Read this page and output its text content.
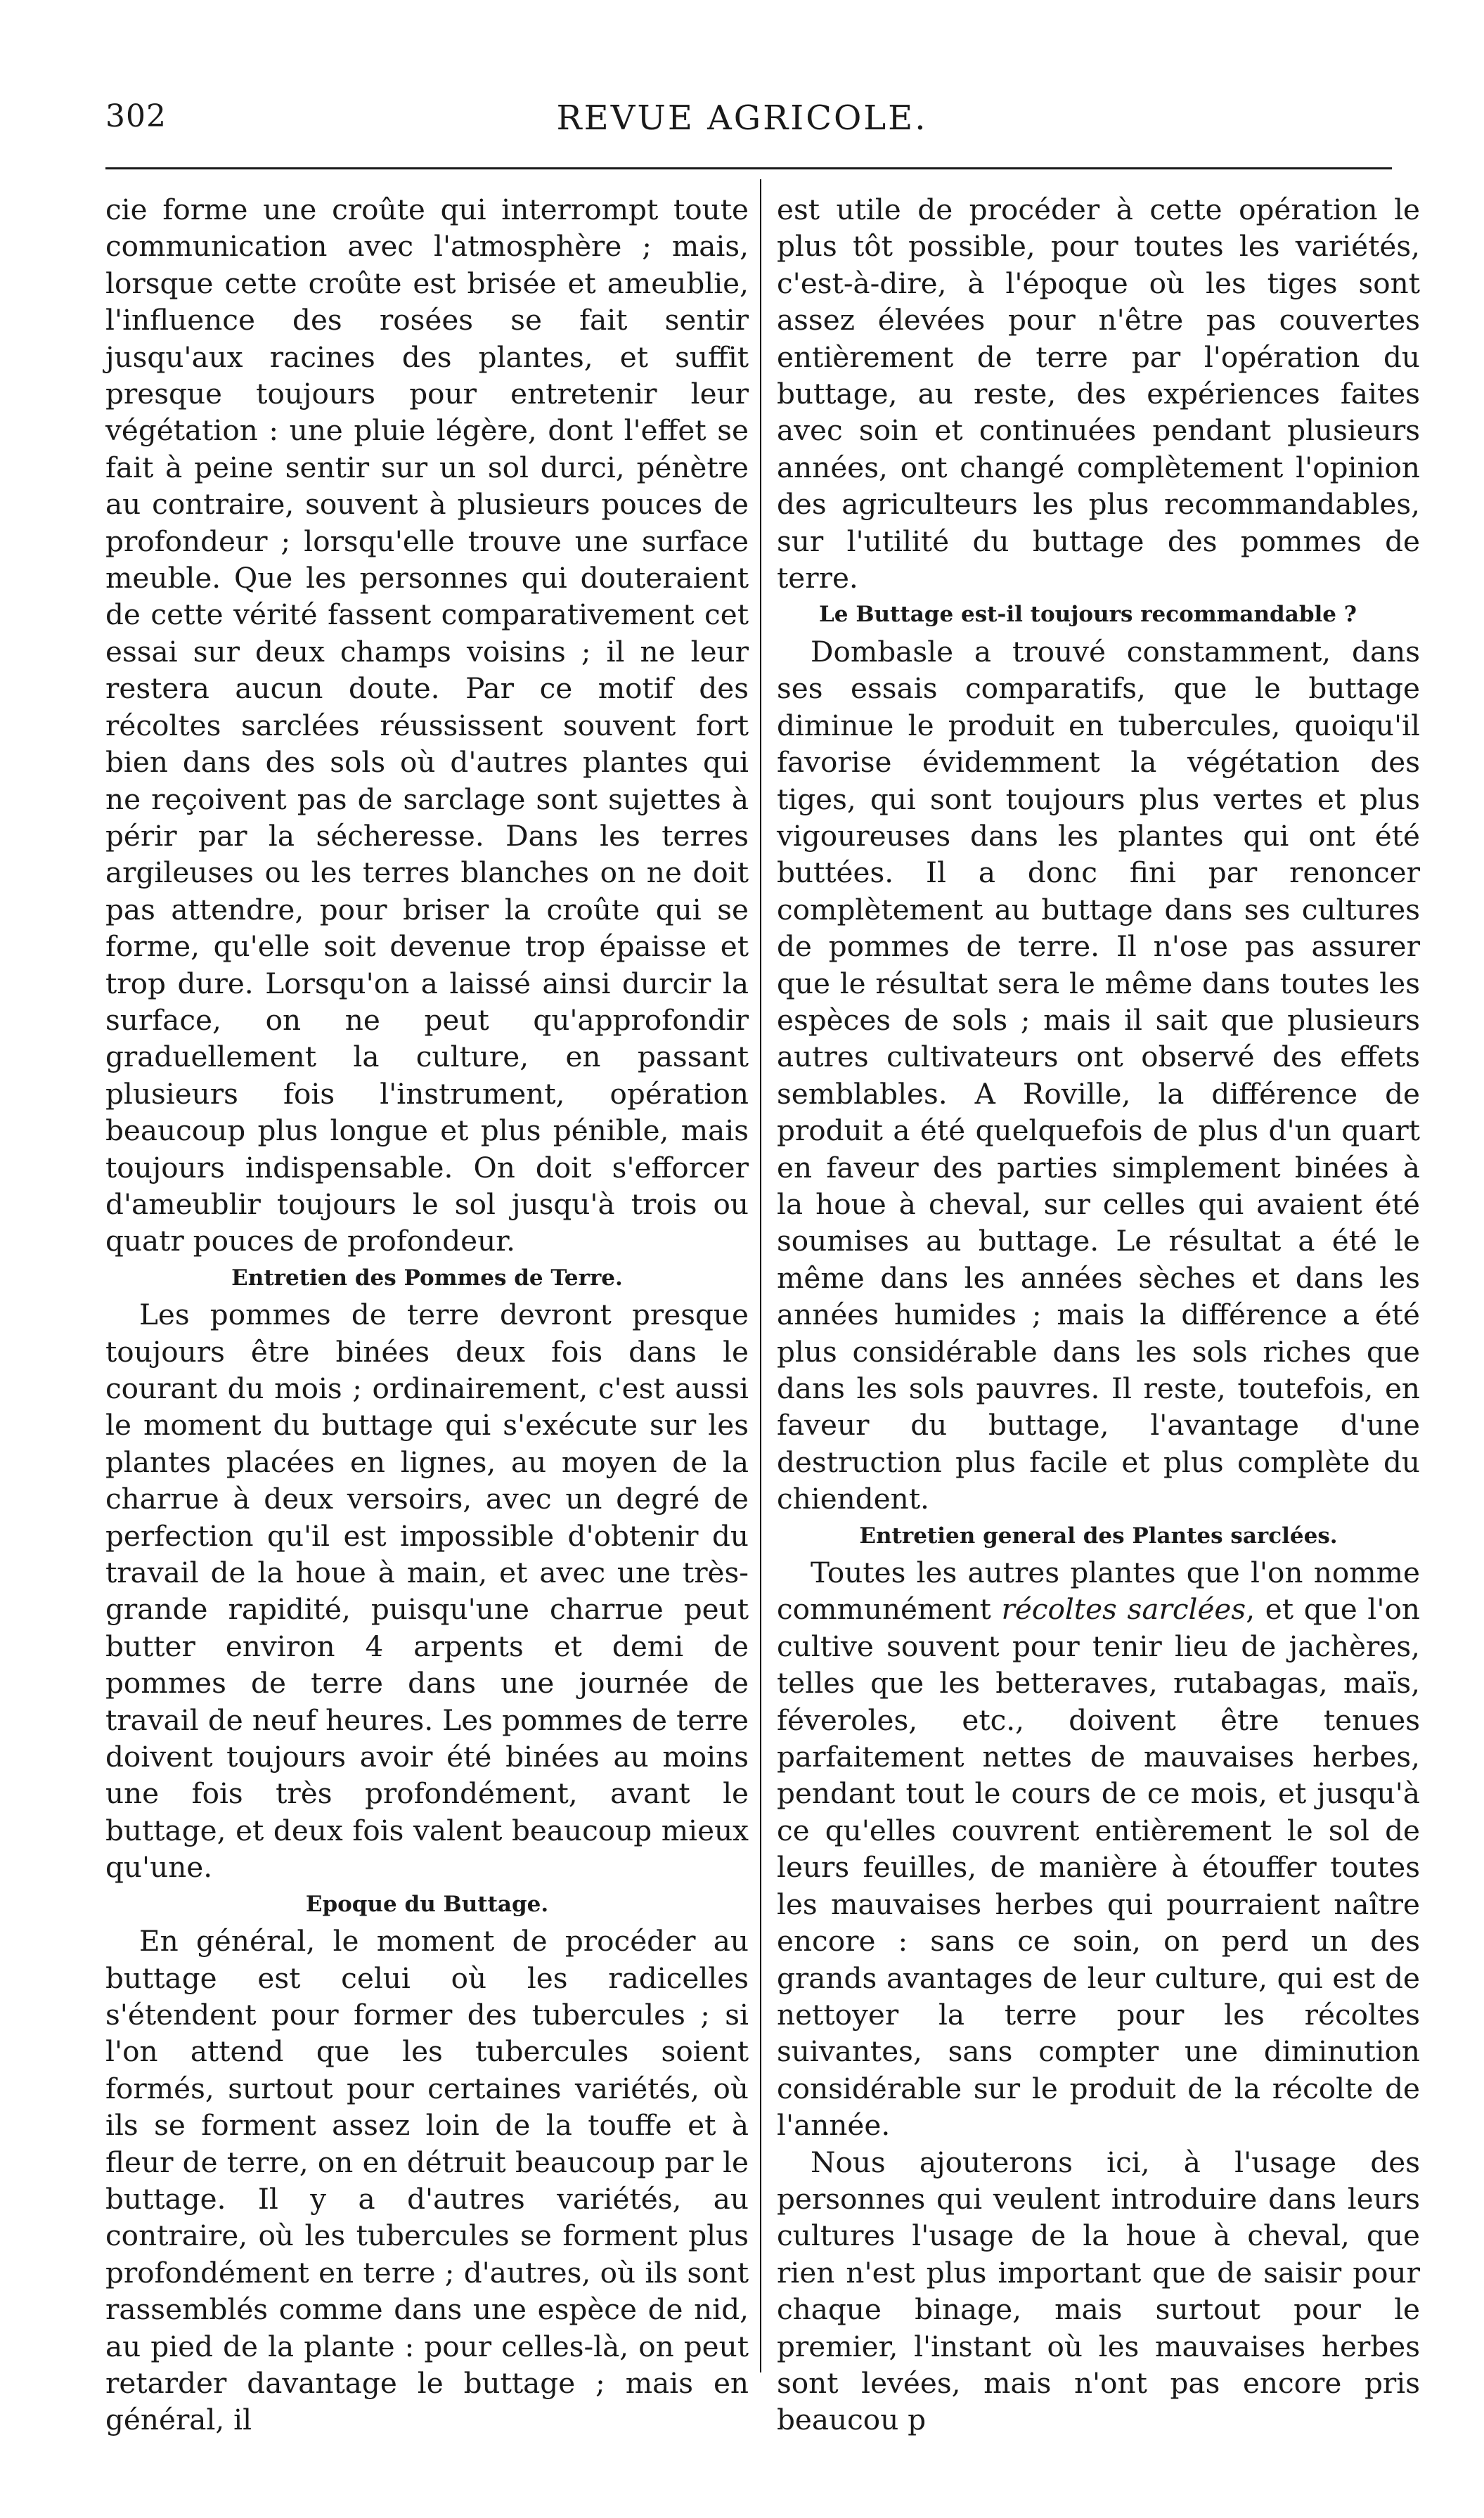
302	REVUE AGRICOLE.

cie forme une croûte qui interrompt toute communication avec l'atmosphère ; mais, lorsque cette croûte est brisée et ameublie, l'influence des rosées se fait sentir jusqu'aux racines des plantes, et suffit presque toujours pour entretenir leur végétation : une pluie légère, dont l'effet se fait à peine sentir sur un sol durci, pénètre au contraire, souvent à plusieurs pouces de profondeur ; lorsqu'elle trouve une surface meuble. Que les personnes qui douteraient de cette vérité fassent comparativement cet essai sur deux champs voisins ; il ne leur restera aucun doute. Par ce motif des récoltes sarclées réussissent souvent fort bien dans des sols où d'autres plantes qui ne reçoivent pas de sarclage sont sujettes à périr par la sécheresse. Dans les terres argileuses ou les terres blanches on ne doit pas attendre, pour briser la croûte qui se forme, qu'elle soit devenue trop épaisse et trop dure. Lorsqu'on a laissé ainsi durcir la surface, on ne peut qu'approfondir graduellement la culture, en passant plusieurs fois l'instrument, opération beaucoup plus longue et plus pénible, mais toujours indispensable. On doit s'efforcer d'ameublir toujours le sol jusqu'à trois ou quatr pouces de profondeur.

Entretien des Pommes de Terre.

Les pommes de terre devront presque toujours être binées deux fois dans le courant du mois ; ordinairement, c'est aussi le moment du buttage qui s'exécute sur les plantes placées en lignes, au moyen de la charrue à deux versoirs, avec un degré de perfection qu'il est impossible d'obtenir du travail de la houe à main, et avec une très-grande rapidité, puisqu'une charrue peut butter environ 4 arpents et demi de pommes de terre dans une journée de travail de neuf heures. Les pommes de terre doivent toujours avoir été binées au moins une fois très profondément, avant le buttage, et deux fois valent beaucoup mieux qu'une.

Epoque du Buttage.

En général, le moment de procéder au buttage est celui où les radicelles s'étendent pour former des tubercules ; si l'on attend que les tubercules soient formés, surtout pour certaines variétés, où ils se forment assez loin de la touffe et à fleur de terre, on en détruit beaucoup par le buttage. Il y a d'autres variétés, au contraire, où les tubercules se forment plus profondément en terre ; d'autres, où ils sont rassemblés comme dans une espèce de nid, au pied de la plante : pour celles-là, on peut retarder davantage le buttage ; mais en général, il

est utile de procéder à cette opération le plus tôt possible, pour toutes les variétés, c'est-à-dire, à l'époque où les tiges sont assez élevées pour n'être pas couvertes entièrement de terre par l'opération du buttage, au reste, des expériences faites avec soin et continuées pendant plusieurs années, ont changé complètement l'opinion des agriculteurs les plus recommandables, sur l'utilité du buttage des pommes de terre.

Le Buttage est-il toujours recommandable ?

Dombasle a trouvé constamment, dans ses essais comparatifs, que le buttage diminue le produit en tubercules, quoiqu'il favorise évidemment la végétation des tiges, qui sont toujours plus vertes et plus vigoureuses dans les plantes qui ont été buttées. Il a donc fini par renoncer complètement au buttage dans ses cultures de pommes de terre. Il n'ose pas assurer que le résultat sera le même dans toutes les espèces de sols ; mais il sait que plusieurs autres cultivateurs ont observé des effets semblables. A Roville, la différence de produit a été quelquefois de plus d'un quart en faveur des parties simplement binées à la houe à cheval, sur celles qui avaient été soumises au buttage. Le résultat a été le même dans les années sèches et dans les années humides ; mais la différence a été plus considérable dans les sols riches que dans les sols pauvres. Il reste, toutefois, en faveur du buttage, l'avantage d'une destruction plus facile et plus complète du chiendent.

Entretien general des Plantes sarclées.

Toutes les autres plantes que l'on nomme communément récoltes sarclées, et que l'on cultive souvent pour tenir lieu de jachères, telles que les betteraves, rutabagas, maïs, féveroles, etc., doivent être tenues parfaitement nettes de mauvaises herbes, pendant tout le cours de ce mois, et jusqu'à ce qu'elles couvrent entièrement le sol de leurs feuilles, de manière à étouffer toutes les mauvaises herbes qui pourraient naître encore : sans ce soin, on perd un des grands avantages de leur culture, qui est de nettoyer la terre pour les récoltes suivantes, sans compter une diminution considérable sur le produit de la récolte de l'année.

Nous ajouterons ici, à l'usage des personnes qui veulent introduire dans leurs cultures l'usage de la houe à cheval, que rien n'est plus important que de saisir pour chaque binage, mais surtout pour le premier, l'instant où les mauvaises herbes sont levées, mais n'ont pas encore pris beaucou p
